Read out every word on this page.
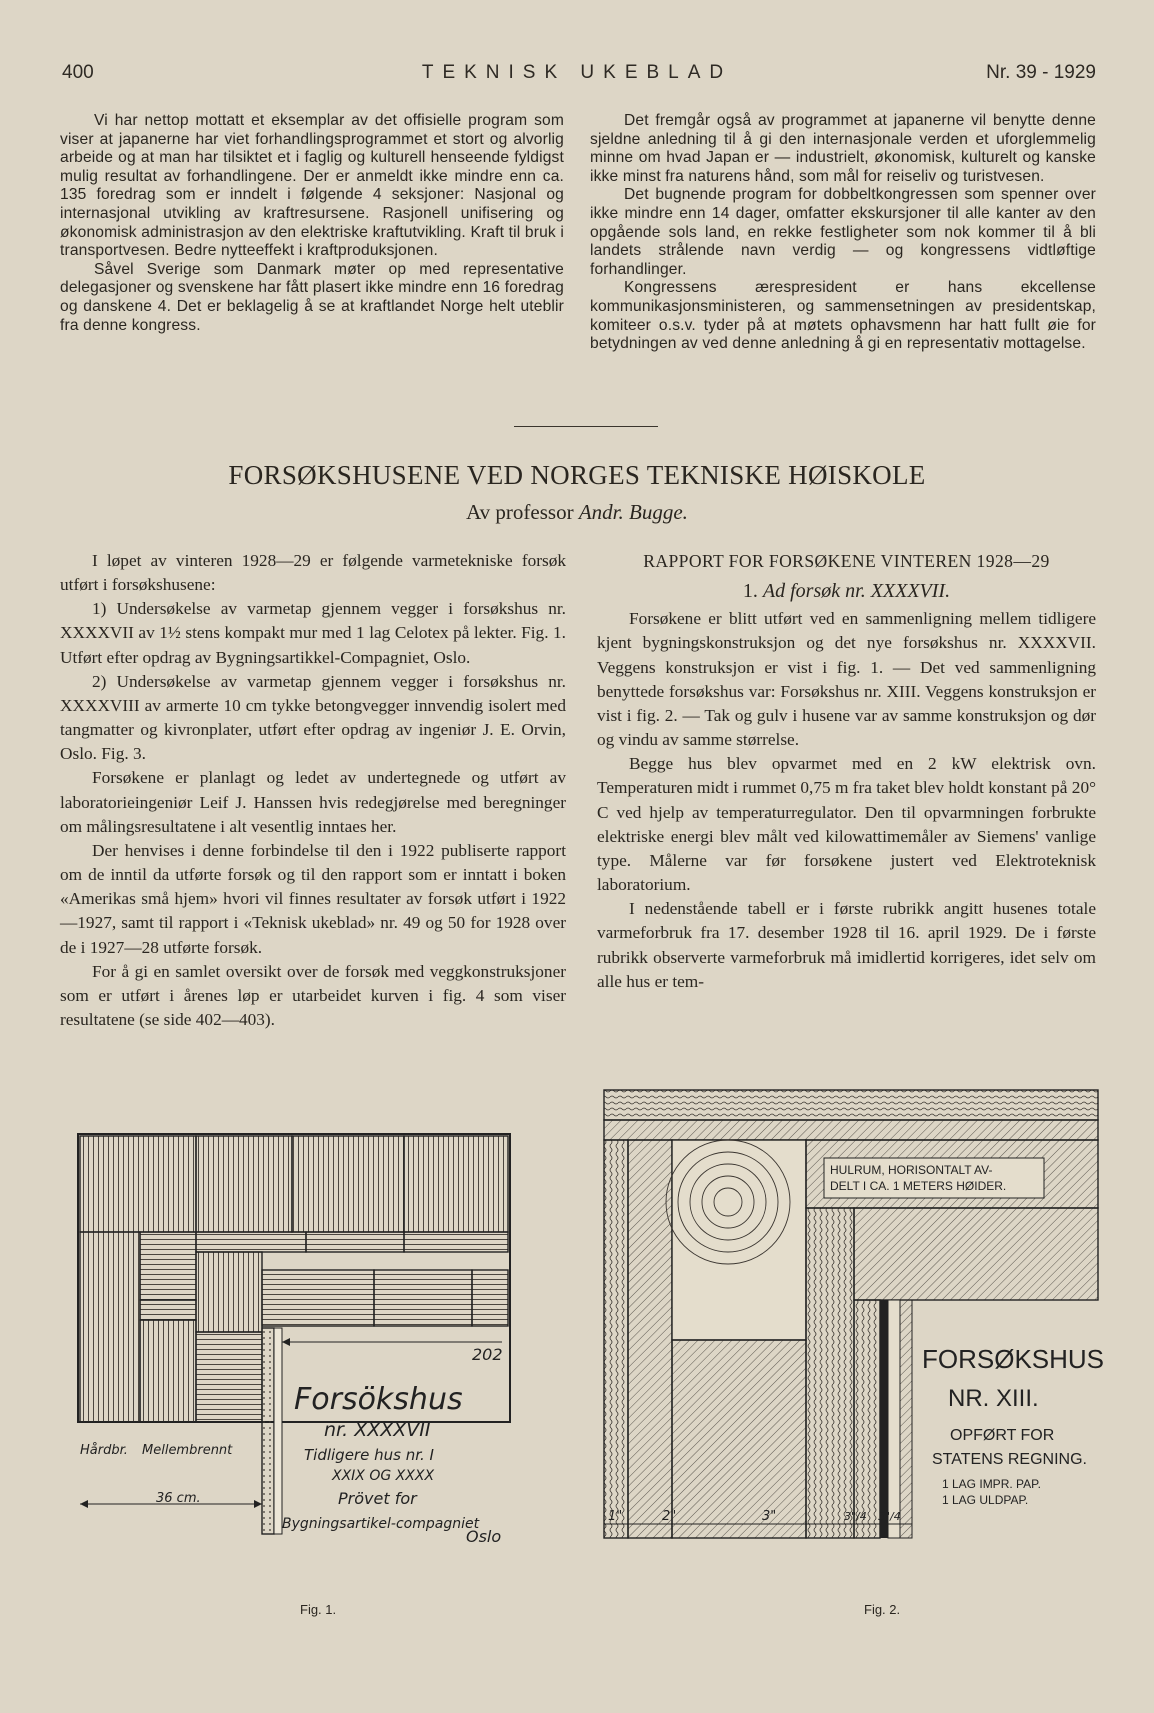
400	TEKNISK UKEBLAD	Nr. 39 - 1929

Vi har nettop mottatt et eksemplar av det offisielle program som viser at japanerne har viet forhandlingsprogrammet et stort og alvorlig arbeide og at man har tilsiktet et i faglig og kulturell henseende fyldigst mulig resultat av forhandlingene. Der er anmeldt ikke mindre enn ca. 135 foredrag som er inndelt i følgende 4 seksjoner: Nasjonal og internasjonal utvikling av kraftresursene. Rasjonell unifisering og økonomisk administrasjon av den elektriske kraftutvikling. Kraft til bruk i transportvesen. Bedre nytteeffekt i kraftproduksjonen.

Såvel Sverige som Danmark møter op med representative delegasjoner og svenskene har fått plasert ikke mindre enn 16 foredrag og danskene 4. Det er beklagelig å se at kraftlandet Norge helt uteblir fra denne kongress.

Det fremgår også av programmet at japanerne vil benytte denne sjeldne anledning til å gi den internasjonale verden et uforglemmelig minne om hvad Japan er — industrielt, økonomisk, kulturelt og kanske ikke minst fra naturens hånd, som mål for reiseliv og turistvesen.

Det bugnende program for dobbeltkongressen som spenner over ikke mindre enn 14 dager, omfatter ekskursjoner til alle kanter av den opgående sols land, en rekke festligheter som nok kommer til å bli landets strålende navn verdig — og kongressens vidtløftige forhandlinger.

Kongressens ærespresident er hans ekcellense kommunikasjonsministeren, og sammensetningen av presidentskap, komiteer o.s.v. tyder på at møtets ophavsmenn har hatt fullt øie for betydningen av ved denne anledning å gi en representativ mottagelse.

FORSØKSHUSENE VED NORGES TEKNISKE HØISKOLE
Av professor Andr. Bugge.

I løpet av vinteren 1928—29 er følgende varmetekniske forsøk utført i forsøkshusene:

1) Undersøkelse av varmetap gjennem vegger i forsøkshus nr. XXXXVII av 1½ stens kompakt mur med 1 lag Celotex på lekter. Fig. 1. Utført efter opdrag av Bygningsartikkel-Compagniet, Oslo.

2) Undersøkelse av varmetap gjennem vegger i forsøkshus nr. XXXXVIII av armerte 10 cm tykke betongvegger innvendig isolert med tangmatter og kivronplater, utført efter opdrag av ingeniør J. E. Orvin, Oslo. Fig. 3.

Forsøkene er planlagt og ledet av undertegnede og utført av laboratorieingeniør Leif J. Hanssen hvis redegjørelse med beregninger om målingsresultatene i alt vesentlig inntaes her.

Der henvises i denne forbindelse til den i 1922 publiserte rapport om de inntil da utførte forsøk og til den rapport som er inntatt i boken «Amerikas små hjem» hvori vil finnes resultater av forsøk utført i 1922—1927, samt til rapport i «Teknisk ukeblad» nr. 49 og 50 for 1928 over de i 1927—28 utførte forsøk.

For å gi en samlet oversikt over de forsøk med veggkonstruksjoner som er utført i årenes løp er utarbeidet kurven i fig. 4 som viser resultatene (se side 402—403).

RAPPORT FOR FORSØKENE VINTEREN 1928—29

1. Ad forsøk nr. XXXXVII.

Forsøkene er blitt utført ved en sammenligning mellem tidligere kjent bygningskonstruksjon og det nye forsøkshus nr. XXXXVII. Veggens konstruksjon er vist i fig. 1. — Det ved sammenligning benyttede forsøkshus var: Forsøkshus nr. XIII. Veggens konstruksjon er vist i fig. 2. — Tak og gulv i husene var av samme konstruksjon og dør og vindu av samme størrelse.

Begge hus blev opvarmet med en 2 kW elektrisk ovn. Temperaturen midt i rummet 0,75 m fra taket blev holdt konstant på 20° C ved hjelp av temperaturregulator. Den til opvarmningen forbrukte elektriske energi blev målt ved kilowattimemåler av Siemens' vanlige type. Målerne var før forsøkene justert ved Elektroteknisk laboratorium.

I nedenstående tabell er i første rubrikk angitt husenes totale varmeforbruk fra 17. desember 1928 til 16. april 1929. De i første rubrikk observerte varmeforbruk må imidlertid korrigeres, idet selv om alle hus er tem-

202
Forsökshus
nr. XXXXVII
Tidligere hus nr. I
XXIX OG XXXX
Prövet for
Bygningsartikel-compagniet
Oslo
Hårdbr. Mellembrennt
36 cm.
HULRUM, HORISONTALT AV-
DELT I CA. 1 METERS HØIDER.
FORSØKSHUS
NR. XIII.
OPFØRT FOR
STATENS REGNING.
1 LAG IMPR. PAP.
1 LAG ULDPAP.
1"	2"	3"	3"/4 3"/4
Fig. 1.	Fig. 2.
